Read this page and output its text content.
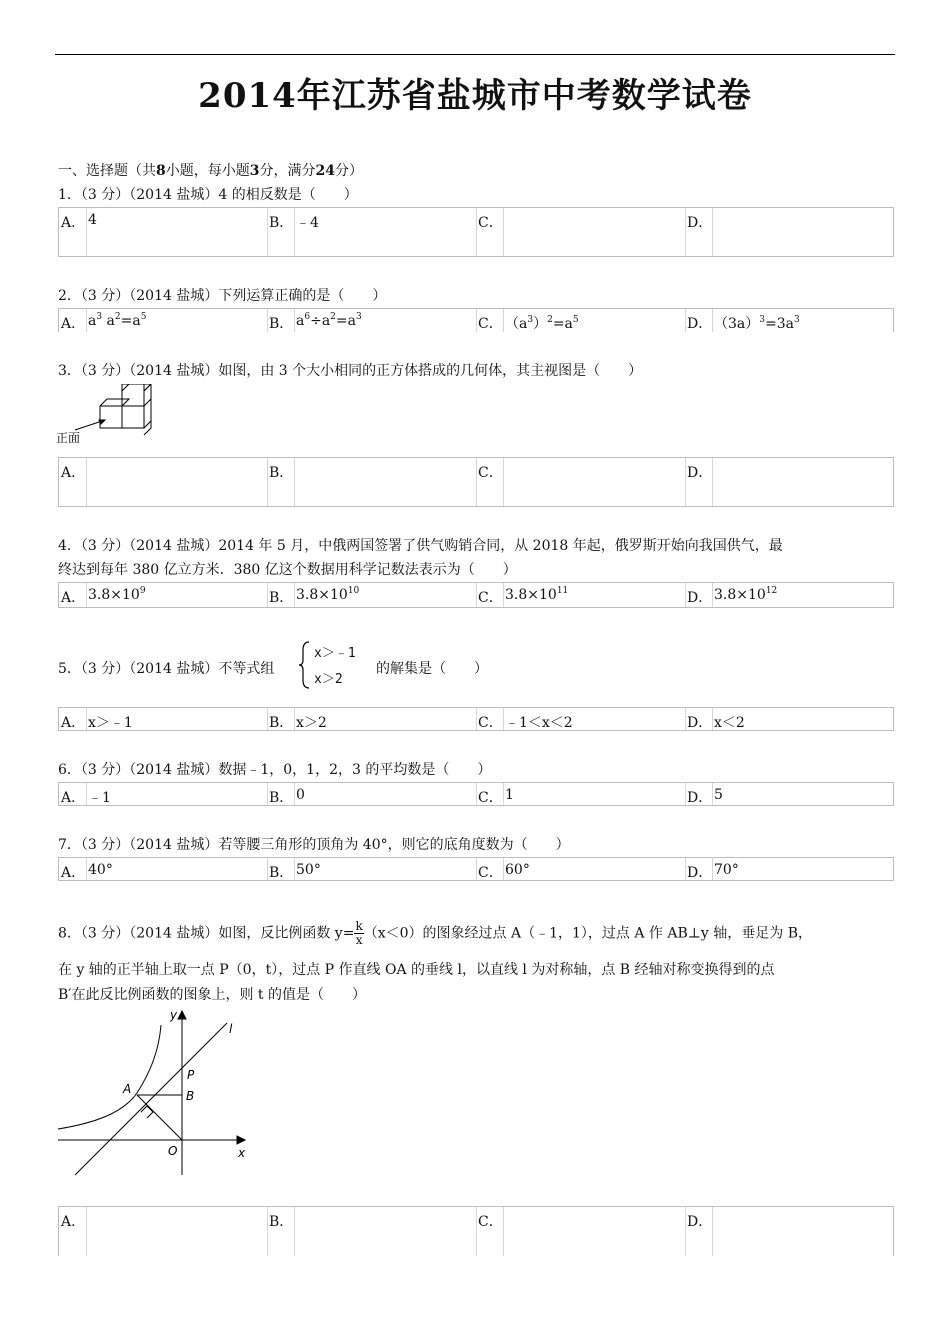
2014年江苏省盐城市中考数学试卷
一、选择题（共8小题，每小题3分，满分24分）
1．（3 分）（2014 盐城）4 的相反数是（　　）
A． 4	B． ﹣4	C．	D．
2．（3 分）（2014 盐城）下列运算正确的是（　　）
A． $a^3$ $a^2=a^5$	B． $a^6\div a^2=a^3$	C． $(a^3)^2=a^5$	D． $(3a)^3=3a^3$
3．（3 分）（2014 盐城）如图，由 3 个大小相同的正方体搭成的几何体，其主视图是（　　）
正面
A．	B．	C．	D．
4．（3 分）（2014 盐城）2014 年 5 月，中俄两国签署了供气购销合同，从 2018 年起，俄罗斯开始向我国供气，最
终达到每年 380 亿立方米．380 亿这个数据用科学记数法表示为（　　）
A． $3.8\times 10^9$	B． $3.8\times 10^{10}$	C． $3.8\times 10^{11}$	D． $3.8\times 10^{12}$
5．（3 分）（2014 盐城）不等式组
x＞﹣1
x＞2
的解集是（　　）
A． x＞﹣1	B． x＞2	C． ﹣1＜x＜2	D． x＜2
6．（3 分）（2014 盐城）数据﹣1，0，1，2，3 的平均数是（　　）
A． ﹣1	B． 0	C． 1	D． 5
7．（3 分）（2014 盐城）若等腰三角形的顶角为 40°，则它的底角度数为（　　）
A． 40°	B． 50°	C． 60°	D． 70°
8．（3 分）（2014 盐城）如图，反比例函数 $y= \frac{k}{x} (x<0)$的图象经过点 A（﹣1，1），过点 A 作 AB⊥y 轴，垂足为 B，
在 y 轴的正半轴上取一点 P（0，t），过点 P 作直线 OA 的垂线 l，以直线 l 为对称轴，点 B 经轴对称变换得到的点
B′在此反比例函数的图象上，则 t 的值是（　　）
y
x
l
A	B
P
O
A．	B．	C．	D．
